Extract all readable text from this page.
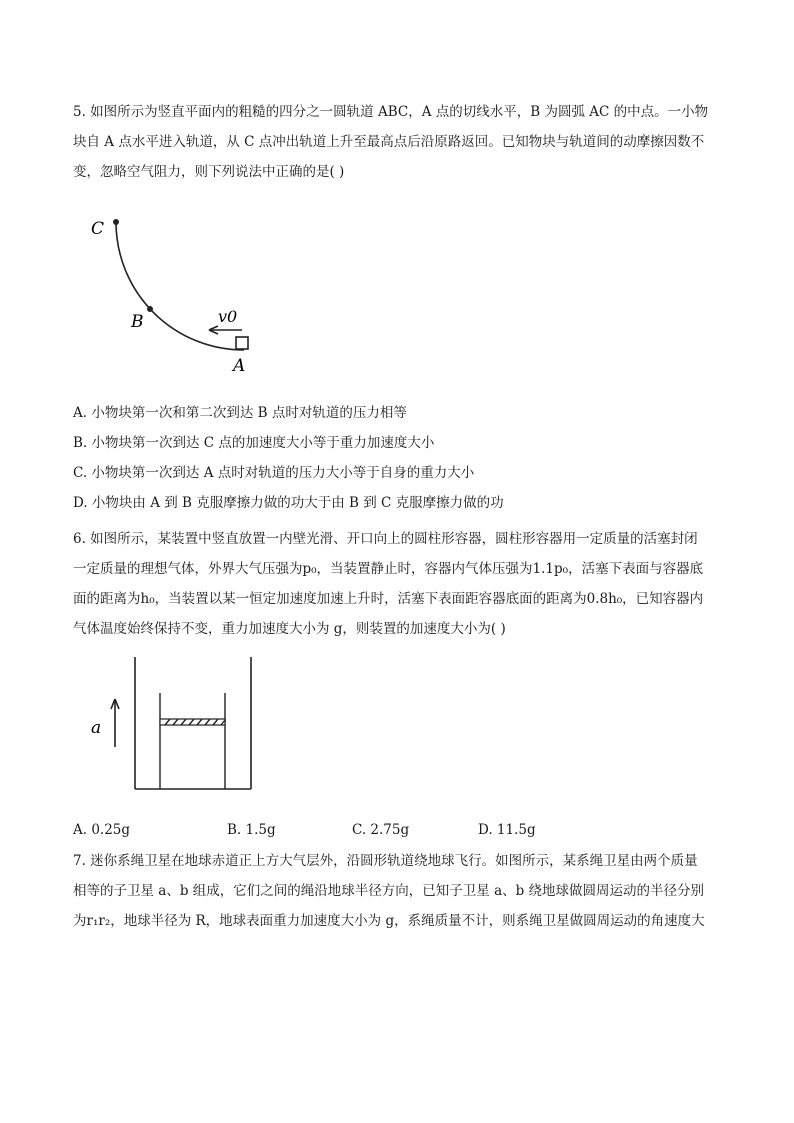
5. 如图所示为竖直平面内的粗糙的四分之一圆轨道 ABC，A 点的切线水平，B 为圆弧 AC 的中点。一小物
块自 A 点水平进入轨道，从 C 点冲出轨道上升至最高点后沿原路返回。已知物块与轨道间的动摩擦因数不
变，忽略空气阻力，则下列说法中正确的是( )
C
B
A
v0
A. 小物块第一次和第二次到达 B 点时对轨道的压力相等
B. 小物块第一次到达 C 点的加速度大小等于重力加速度大小
C. 小物块第一次到达 A 点时对轨道的压力大小等于自身的重力大小
D. 小物块由 A 到 B 克服摩擦力做的功大于由 B 到 C 克服摩擦力做的功
6. 如图所示，某装置中竖直放置一内壁光滑、开口向上的圆柱形容器，圆柱形容器用一定质量的活塞封闭
一定质量的理想气体，外界大气压强为p₀，当装置静止时，容器内气体压强为1.1p₀，活塞下表面与容器底
面的距离为h₀，当装置以某一恒定加速度加速上升时，活塞下表面距容器底面的距离为0.8h₀，已知容器内
气体温度始终保持不变，重力加速度大小为 g，则装置的加速度大小为( )
a
A. 0.25g	B. 1.5g	C. 2.75g	D. 11.5g
7. 迷你系绳卫星在地球赤道正上方大气层外，沿圆形轨道绕地球飞行。如图所示，某系绳卫星由两个质量
相等的子卫星 a、b 组成，它们之间的绳沿地球半径方向，已知子卫星 a、b 绕地球做圆周运动的半径分别
为r₁r₂，地球半径为 R，地球表面重力加速度大小为 g，系绳质量不计，则系绳卫星做圆周运动的角速度大
